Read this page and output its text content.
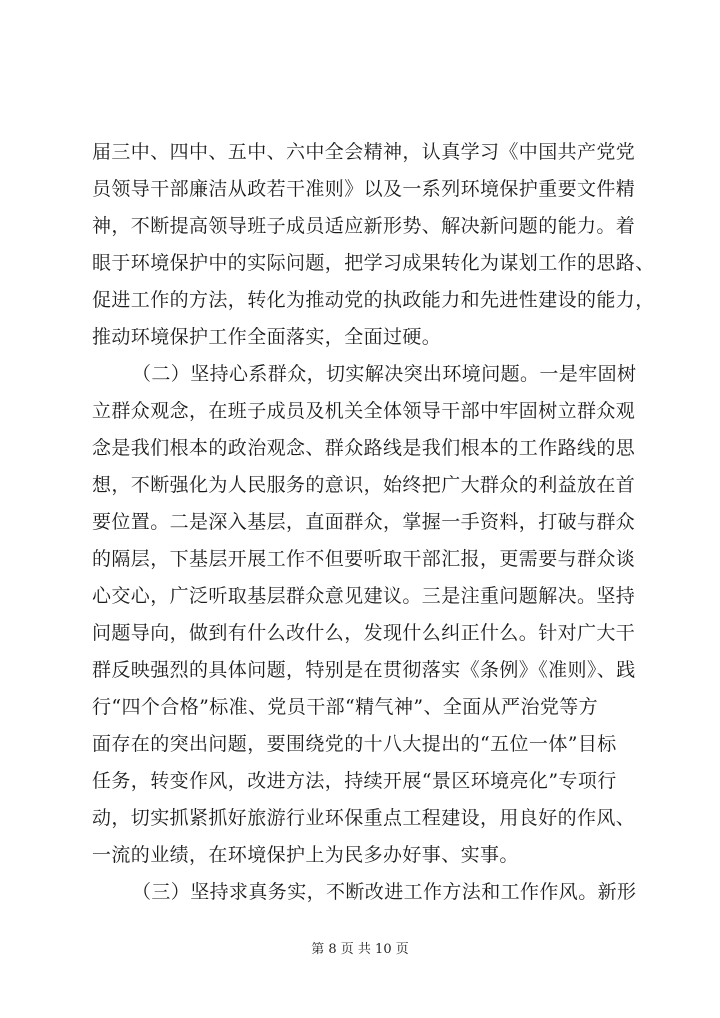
届三中、四中、五中、六中全会精神，认真学习《中国共产党党
员领导干部廉洁从政若干准则》以及一系列环境保护重要文件精
神，不断提高领导班子成员适应新形势、解决新问题的能力。着
眼于环境保护中的实际问题，把学习成果转化为谋划工作的思路、
促进工作的方法，转化为推动党的执政能力和先进性建设的能力，
推动环境保护工作全面落实，全面过硬。
（二）坚持心系群众，切实解决突出环境问题。一是牢固树
立群众观念，在班子成员及机关全体领导干部中牢固树立群众观
念是我们根本的政治观念、群众路线是我们根本的工作路线的思
想，不断强化为人民服务的意识，始终把广大群众的利益放在首
要位置。二是深入基层，直面群众，掌握一手资料，打破与群众
的隔层，下基层开展工作不但要听取干部汇报，更需要与群众谈
心交心，广泛听取基层群众意见建议。三是注重问题解决。坚持
问题导向，做到有什么改什么，发现什么纠正什么。针对广大干
群反映强烈的具体问题，特别是在贯彻落实《条例》《准则》、践
行“四个合格”标准、党员干部“精气神”、全面从严治党等方
面存在的突出问题，要围绕党的十八大提出的“五位一体”目标
任务，转变作风，改进方法，持续开展“景区环境亮化”专项行
动，切实抓紧抓好旅游行业环保重点工程建设，用良好的作风、
一流的业绩，在环境保护上为民多办好事、实事。
（三）坚持求真务实，不断改进工作方法和工作作风。新形
第 8 页 共 10 页
